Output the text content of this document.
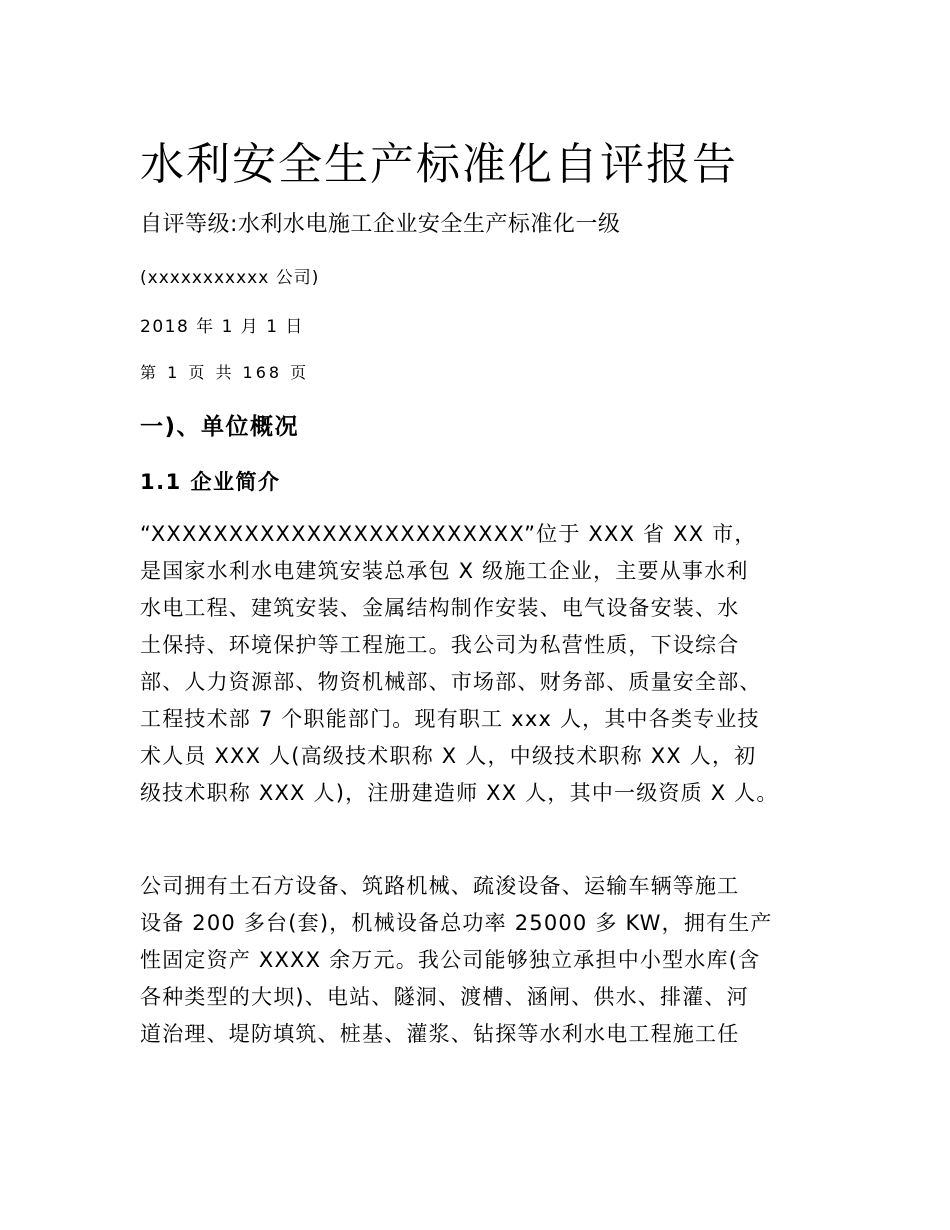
水利安全生产标准化自评报告
自评等级:水利水电施工企业安全生产标准化一级
(xxxxxxxxxxx 公司)
2018 年 1 月 1 日
第 1 页 共 168 页
一)、单位概况
1.1 企业简介
“XXXXXXXXXXXXXXXXXXXXXXXX”位于 XXX 省 XX 市，
是国家水利水电建筑安装总承包 X 级施工企业，主要从事水利
水电工程、建筑安装、金属结构制作安装、电气设备安装、水
土保持、环境保护等工程施工。我公司为私营性质，下设综合
部、人力资源部、物资机械部、市场部、财务部、质量安全部、
工程技术部 7 个职能部门。现有职工 xxx 人，其中各类专业技
术人员 XXX 人(高级技术职称 X 人，中级技术职称 XX 人，初
级技术职称 XXX 人)，注册建造师 XX 人，其中一级资质 X 人。
公司拥有土石方设备、筑路机械、疏浚设备、运输车辆等施工
设备 200 多台(套)，机械设备总功率 25000 多 KW，拥有生产
性固定资产 XXXX 余万元。我公司能够独立承担中小型水库(含
各种类型的大坝)、电站、隧洞、渡槽、涵闸、供水、排灌、河
道治理、堤防填筑、桩基、灌浆、钻探等水利水电工程施工任
